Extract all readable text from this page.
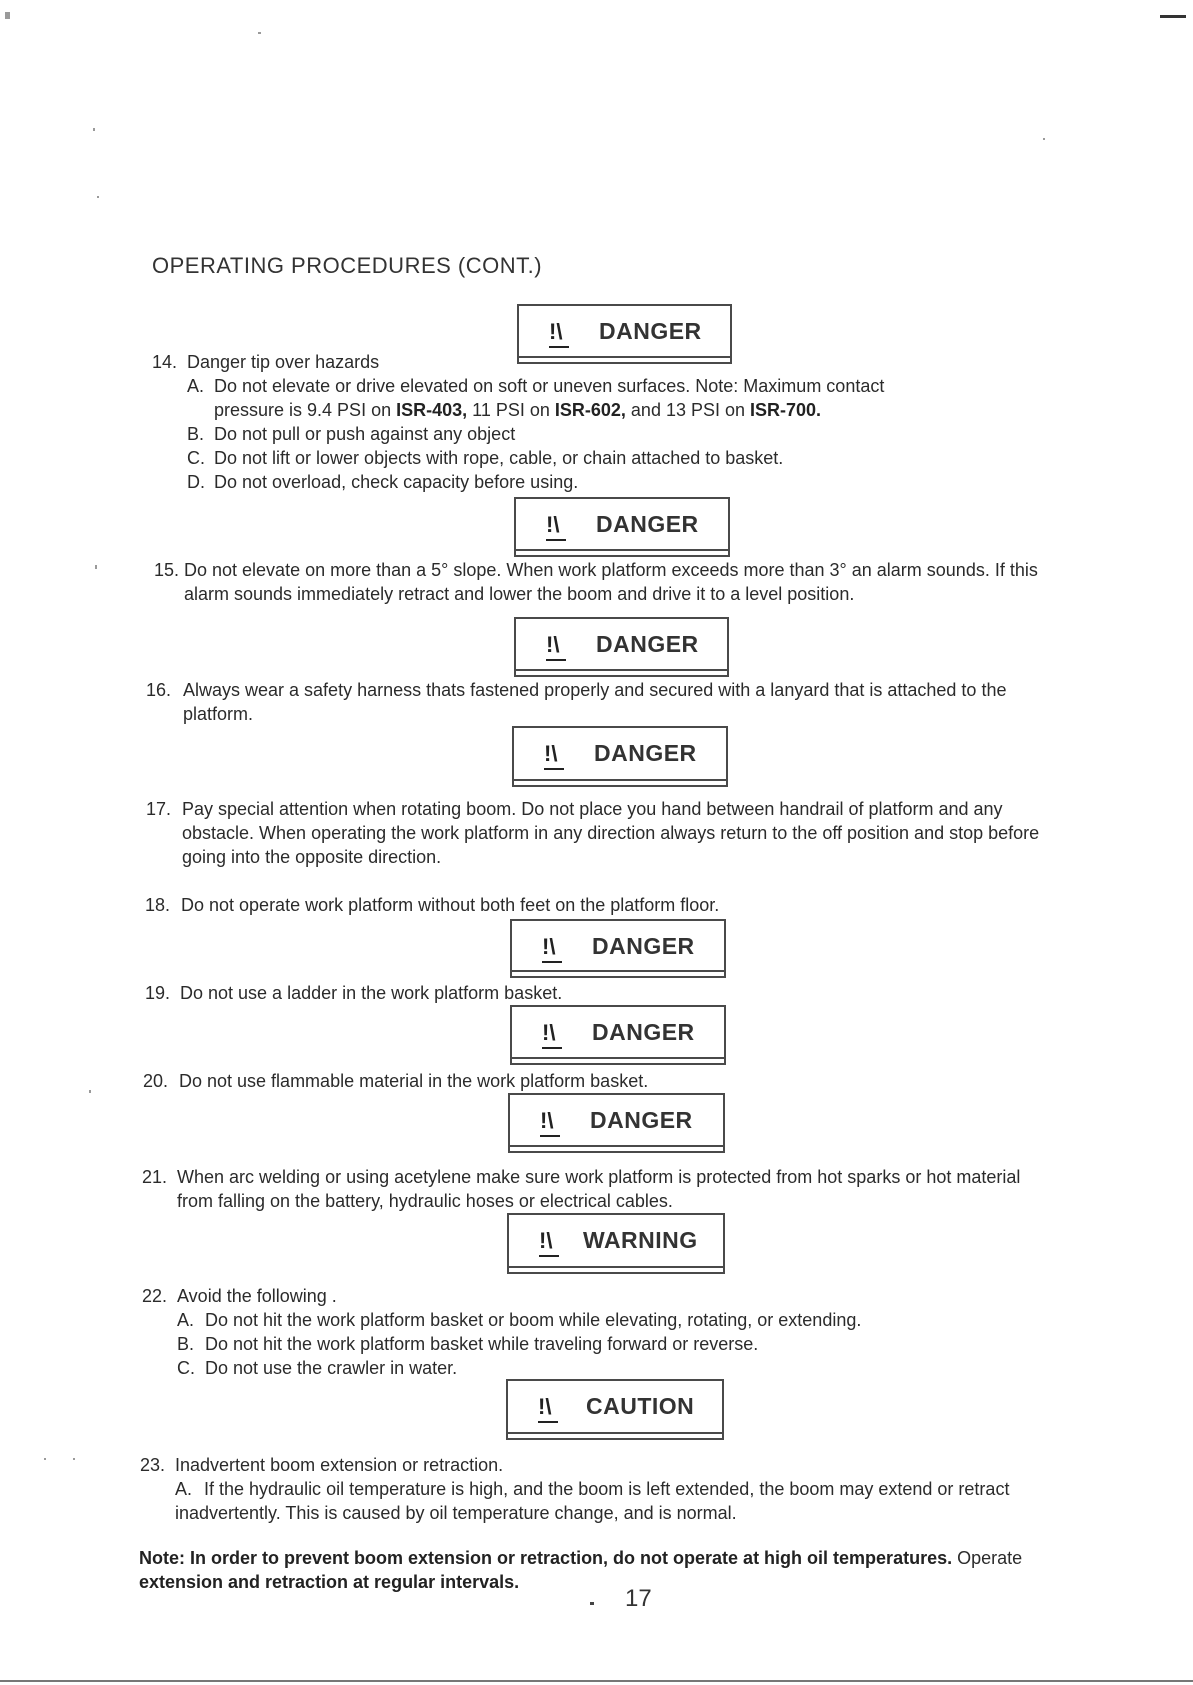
OPERATING PROCEDURES (CONT.)
!\ DANGER
14. Danger tip over hazards
A. Do not elevate or drive elevated on soft or uneven surfaces. Note: Maximum contact
pressure is 9.4 PSI on ISR-403, 11 PSI on ISR-602, and 13 PSI on ISR-700.
B. Do not pull or push against any object
C. Do not lift or lower objects with rope, cable, or chain attached to basket.
D. Do not overload, check capacity before using.
!\ DANGER
15. Do not elevate on more than a 5° slope. When work platform exceeds more than 3° an alarm sounds. If this
alarm sounds immediately retract and lower the boom and drive it to a level position.
!\ DANGER
16. Always wear a safety harness thats fastened properly and secured with a lanyard that is attached to the
platform.
!\ DANGER
17. Pay special attention when rotating boom. Do not place you hand between handrail of platform and any
obstacle. When operating the work platform in any direction always return to the off position and stop before
going into the opposite direction.
18. Do not operate work platform without both feet on the platform floor.
!\ DANGER
19. Do not use a ladder in the work platform basket.
!\ DANGER
20. Do not use flammable material in the work platform basket.
!\ DANGER
21. When arc welding or using acetylene make sure work platform is protected from hot sparks or hot material
from falling on the battery, hydraulic hoses or electrical cables.
!\ WARNING
22. Avoid the following .
A. Do not hit the work platform basket or boom while elevating, rotating, or extending.
B. Do not hit the work platform basket while traveling forward or reverse.
C. Do not use the crawler in water.
!\ CAUTION
23. Inadvertent boom extension or retraction.
A. If the hydraulic oil temperature is high, and the boom is left extended, the boom may extend or retract
inadvertently. This is caused by oil temperature change, and is normal.
Note: In order to prevent boom extension or retraction, do not operate at high oil temperatures. Operate
extension and retraction at regular intervals.
17
